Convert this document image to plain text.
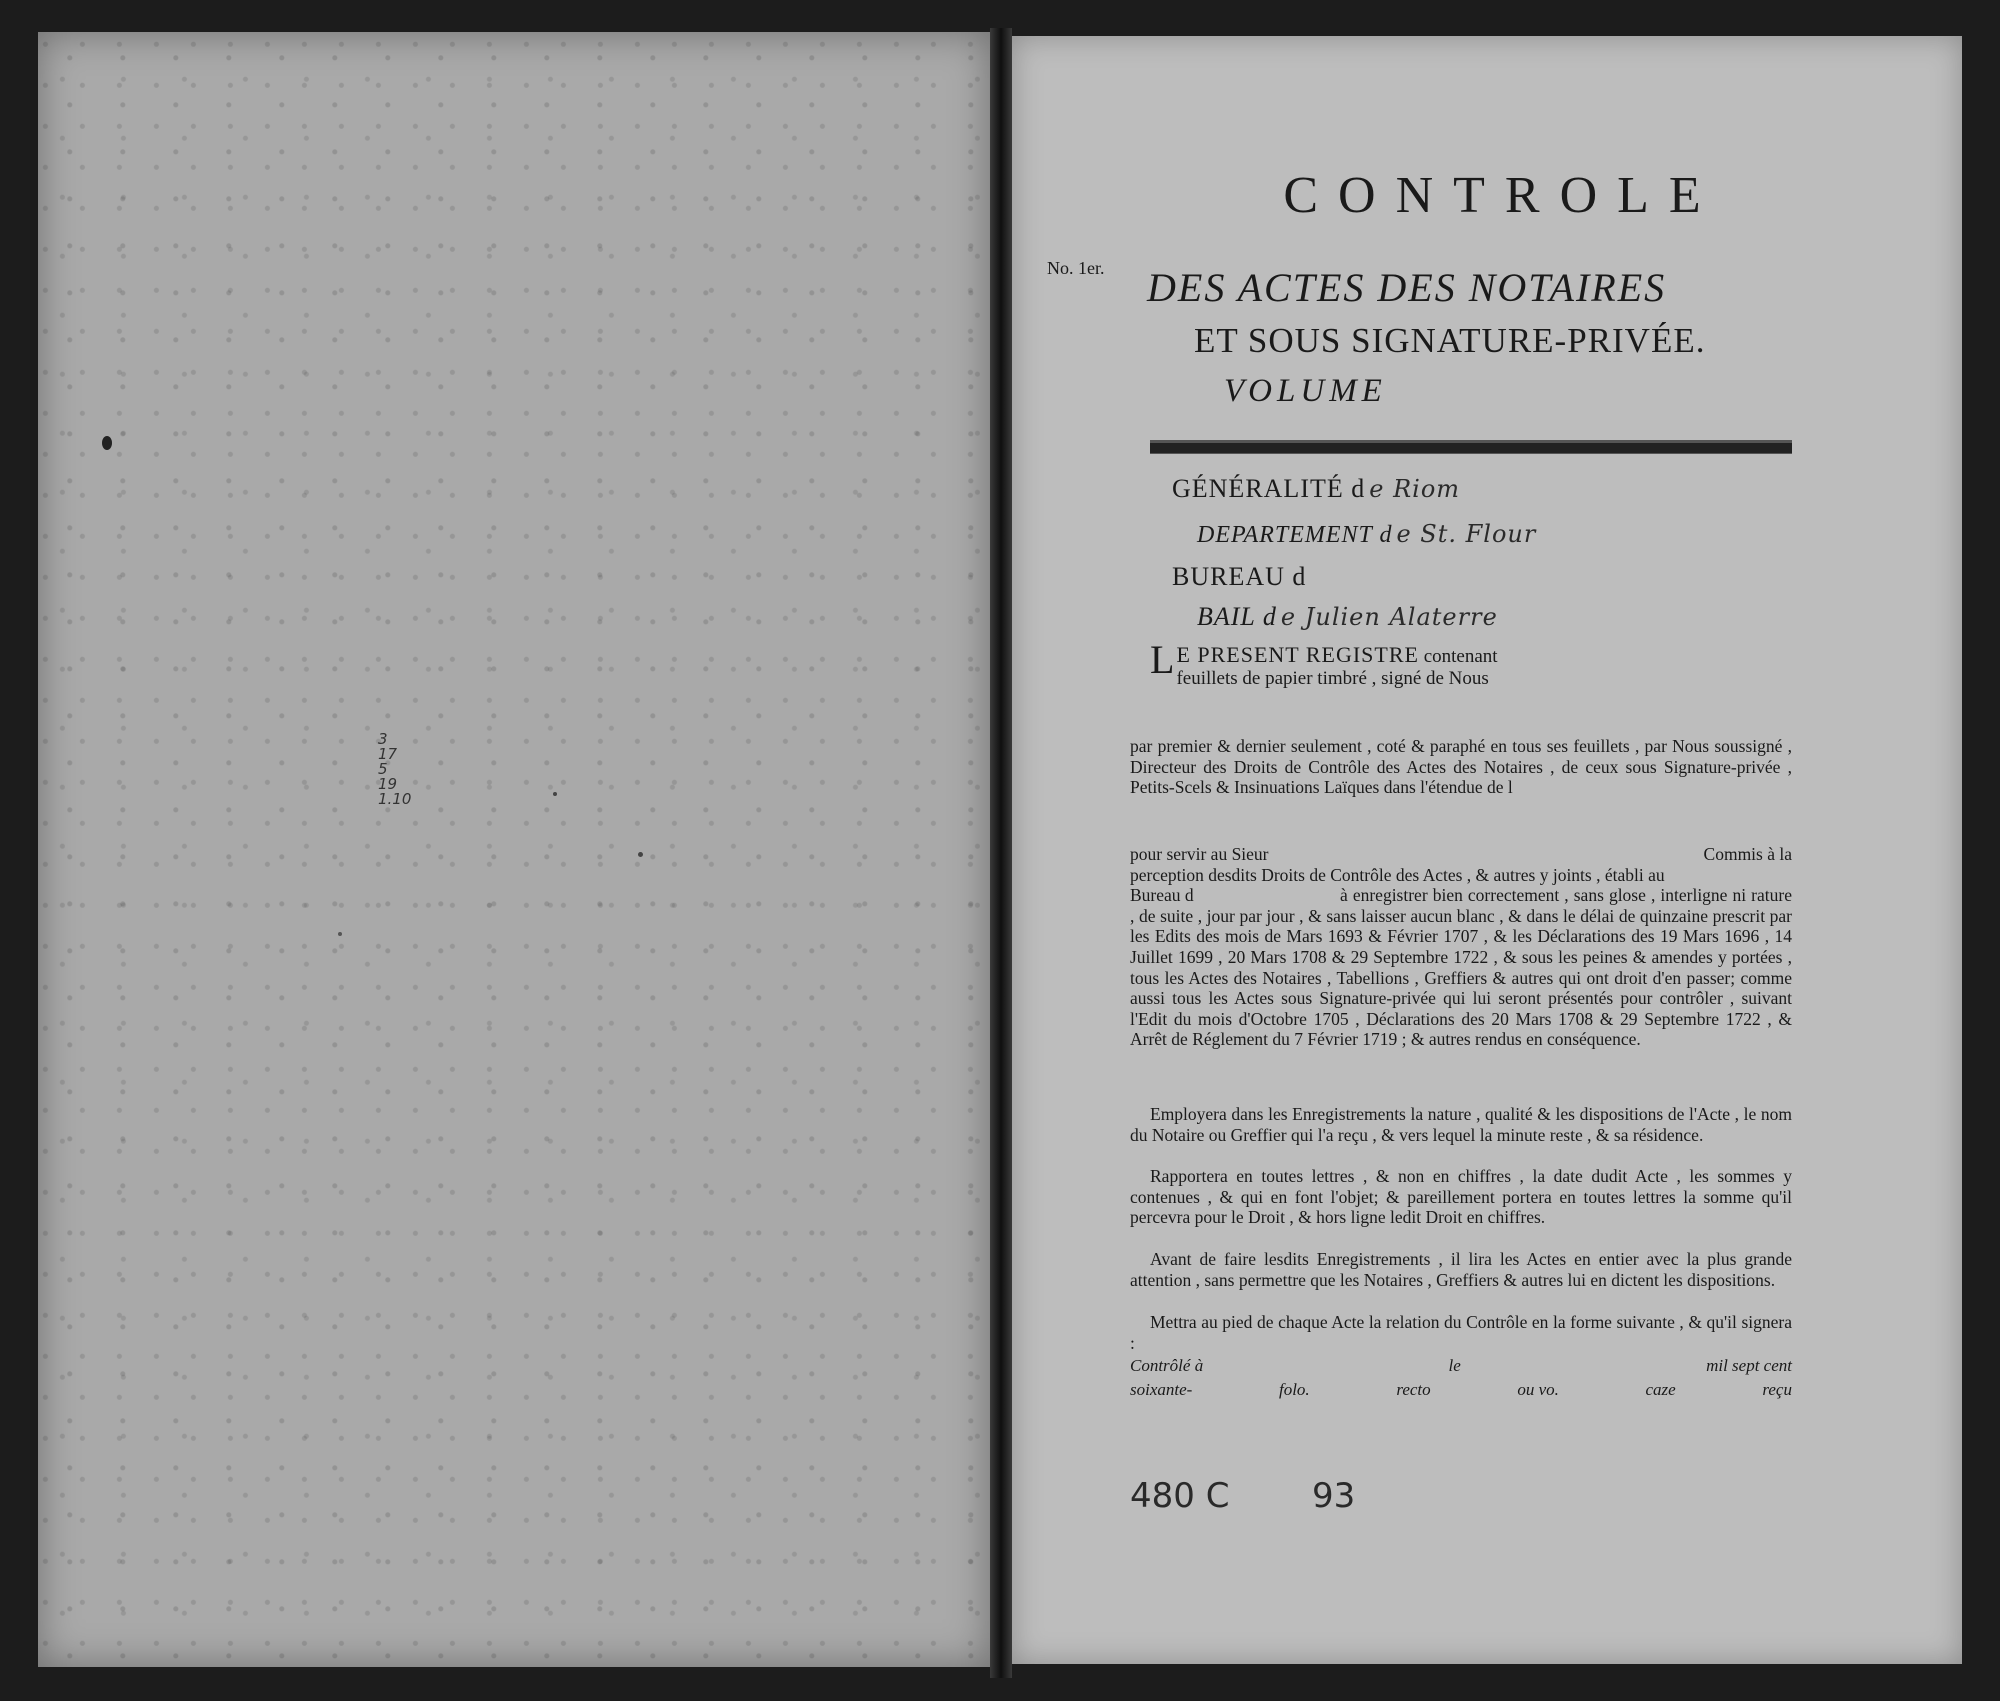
3
17
5
19
1.10
CONTROLE
No. 1er. DES ACTES DES NOTAIRES
ET SOUS SIGNATURE-PRIVÉE.
VOLUME
GÉNÉRALITÉ d e Riom
DEPARTEMENT d e St. Flour
BUREAU d
BAIL d e Julien Alaterre
L E PRESENT REGISTRE contenant
feuillets de papier timbré , signé de Nous
par premier & dernier seulement , coté & paraphé en tous ses feuillets , par Nous soussigné , Directeur des Droits de Contrôle des Actes des Notaires , de ceux sous Signature-privée , Petits-Scels & Insinuations Laïques dans l'étendue de l
pour servir au Sieur	Commis à la
perception desdits Droits de Contrôle des Actes , & autres y joints , établi au
Bureau d	à enregistrer bien correctement , sans glose , interligne ni rature , de suite , jour par jour , & sans laisser aucun blanc , & dans le délai de quinzaine prescrit par les Edits des mois de Mars 1693 & Février 1707 , & les Déclarations des 19 Mars 1696 , 14 Juillet 1699 , 20 Mars 1708 & 29 Septembre 1722 , & sous les peines & amendes y portées , tous les Actes des Notaires , Tabellions , Greffiers & autres qui ont droit d'en passer; comme aussi tous les Actes sous Signature-privée qui lui seront présentés pour contrôler , suivant l'Edit du mois d'Octobre 1705 , Déclarations des 20 Mars 1708 & 29 Septembre 1722 , & Arrêt de Réglement du 7 Février 1719 ; & autres rendus en conséquence.
Employera dans les Enregistrements la nature , qualité & les dispositions de l'Acte , le nom du Notaire ou Greffier qui l'a reçu , & vers lequel la minute reste , & sa résidence.
Rapportera en toutes lettres , & non en chiffres , la date dudit Acte , les sommes y contenues , & qui en font l'objet; & pareillement portera en toutes lettres la somme qu'il percevra pour le Droit , & hors ligne ledit Droit en chiffres.
Avant de faire lesdits Enregistrements , il lira les Actes en entier avec la plus grande attention , sans permettre que les Notaires , Greffiers & autres lui en dictent les dispositions.
Mettra au pied de chaque Acte la relation du Contrôle en la forme suivante , & qu'il signera :
Contrôlé à	le	mil sept cent
soixante-	folo.	recto	ou vo.	caze	reçu
480 C 93
